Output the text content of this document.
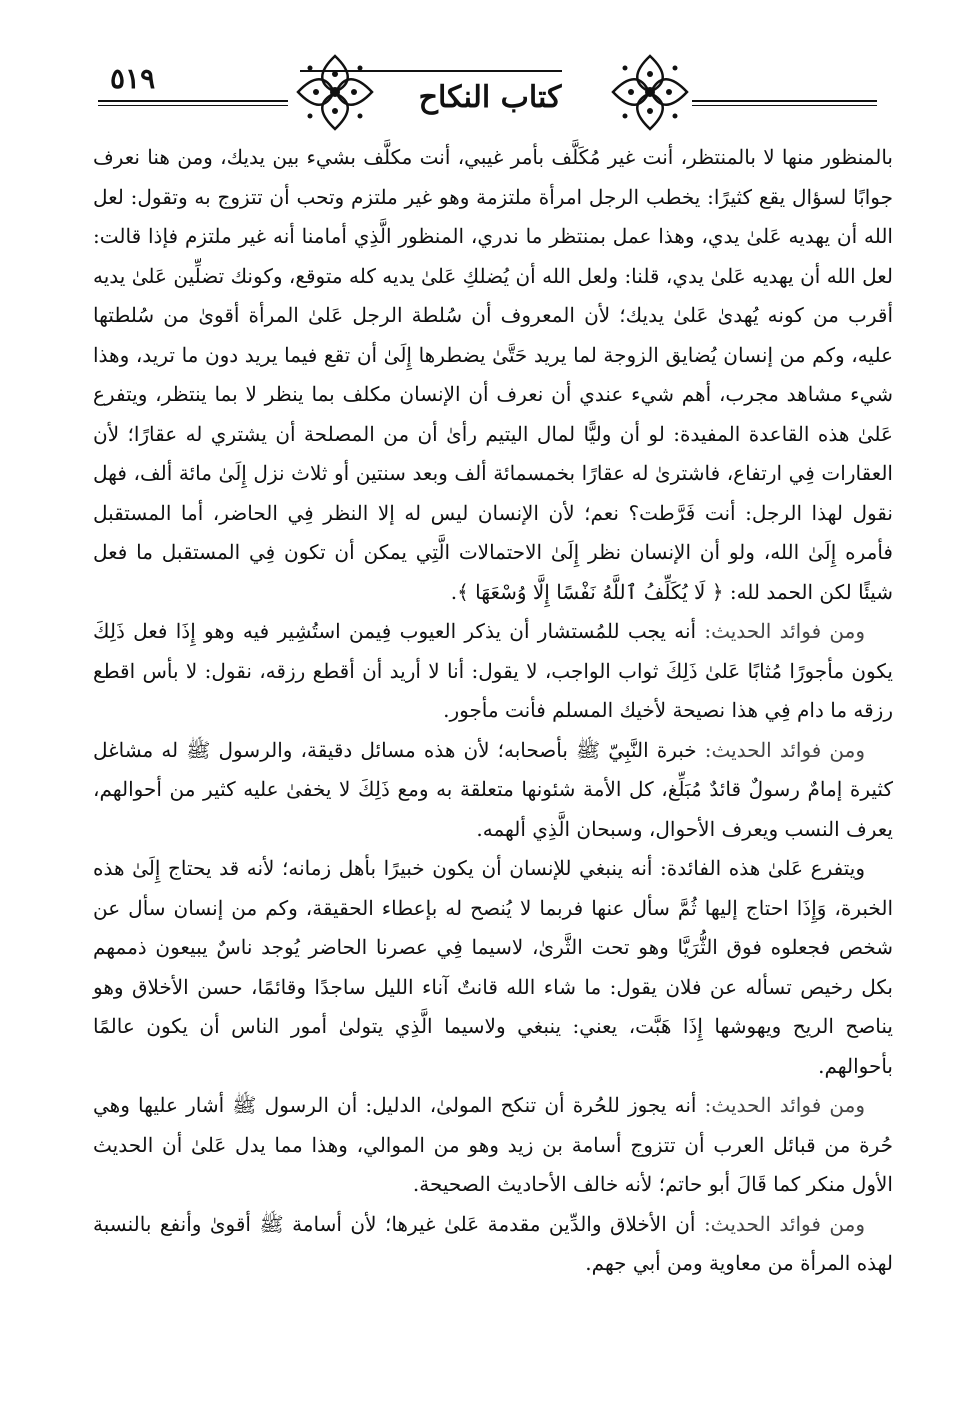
٥١٩
كتاب النكاح

بالمنظور منها لا بالمنتظر، أنت غير مُكَلَّف بأمر غيبي، أنت مكلَّف بشيء بين يديك، ومن هنا نعرف جوابًا لسؤال يقع كثيرًا: يخطب الرجل امرأة ملتزمة وهو غير ملتزم وتحب أن تتزوج به وتقول: لعل الله أن يهديه عَلىٰ يدي، وهذا عمل بمنتظر ما ندري، المنظور الَّذِي أمامنا أنه غير ملتزم فإذا قالت: لعل الله أن يهديه عَلىٰ يدي، قلنا: ولعل الله أن يُضلكِ عَلىٰ يديه كله متوقع، وكونك تضلِّين عَلىٰ يديه أقرب من كونه يُهدىٰ عَلىٰ يديك؛ لأن المعروف أن سُلطة الرجل عَلىٰ المرأة أقوىٰ من سُلطتها عليه، وكم من إنسان يُضايق الزوجة لما يريد حَتَّىٰ يضطرها إِلَىٰ أن تقع فيما يريد دون ما تريد، وهذا شيء مشاهد مجرب، أهم شيء عندي أن نعرف أن الإنسان مكلف بما ينظر لا بما ينتظر، ويتفرع عَلىٰ هذه القاعدة المفيدة: لو أن وليًّا لمال اليتيم رأىٰ أن من المصلحة أن يشتري له عقارًا؛ لأن العقارات فِي ارتفاع، فاشترىٰ له عقارًا بخمسمائة ألف وبعد سنتين أو ثلاث نزل إِلَىٰ مائة ألف، فهل نقول لهذا الرجل: أنت فَرَّطت؟ نعم؛ لأن الإنسان ليس له إلا النظر فِي الحاضر، أما المستقبل فأمره إِلَىٰ الله، ولو أن الإنسان نظر إِلَىٰ الاحتمالات الَّتِي يمكن أن تكون فِي المستقبل ما فعل شيئًا لكن الحمد لله: ﴿ لَا يُكَلِّفُ ٱللَّهُ نَفْسًا إِلَّا وُسْعَهَا ﴾.

ومن فوائد الحديث: أنه يجب للمُستشار أن يذكر العيوب فِيمن استُشِير فيه وهو إِذَا فعل ذَلِكَ يكون مأجورًا مُثابًا عَلىٰ ذَلِكَ ثواب الواجب، لا يقول: أنا لا أريد أن أقطع رزقه، نقول: لا بأس اقطع رزقه ما دام فِي هذا نصيحة لأخيك المسلم فأنت مأجور.

ومن فوائد الحديث: خبرة النَّبِيّ ﷺ بأصحابه؛ لأن هذه مسائل دقيقة، والرسول ﷺ له مشاغل كثيرة إمامٌ رسولٌ قائدٌ مُبَلِّغ، كل الأمة شئونها متعلقة به ومع ذَلِكَ لا يخفىٰ عليه كثير من أحوالهم، يعرف النسب ويعرف الأحوال، وسبحان الَّذِي ألهمه.

ويتفرع عَلىٰ هذه الفائدة: أنه ينبغي للإنسان أن يكون خبيرًا بأهل زمانه؛ لأنه قد يحتاج إِلَىٰ هذه الخبرة، وَإِذَا احتاج إليها ثُمَّ سأل عنها فربما لا يُنصح له بإعطاء الحقيقة، وكم من إنسان سأل عن شخص فجعلوه فوق الثُّرَيَّا وهو تحت الثَّرىٰ، لاسيما فِي عصرنا الحاضر يُوجد ناسٌ يبيعون ذممهم بكل رخيص تسأله عن فلان يقول: ما شاء الله قانتٌ آناء الليل ساجدًا وقائمًا، حسن الأخلاق وهو يناصح الريح ويهوشها إِذَا هَبَّت، يعني: ينبغي ولاسيما الَّذِي يتولىٰ أمور الناس أن يكون عالمًا بأحوالهم.

ومن فوائد الحديث: أنه يجوز للحُرة أن تنكح المولىٰ، الدليل: أن الرسول ﷺ أشار عليها وهي حُرة من قبائل العرب أن تتزوج أسامة بن زيد وهو من الموالي، وهذا مما يدل عَلىٰ أن الحديث الأول منكر كما قَالَ أبو حاتم؛ لأنه خالف الأحاديث الصحيحة.

ومن فوائد الحديث: أن الأخلاق والدِّين مقدمة عَلىٰ غيرها؛ لأن أسامة ﷺ أقوىٰ وأنفع بالنسبة لهذه المرأة من معاوية ومن أبي جهم.
